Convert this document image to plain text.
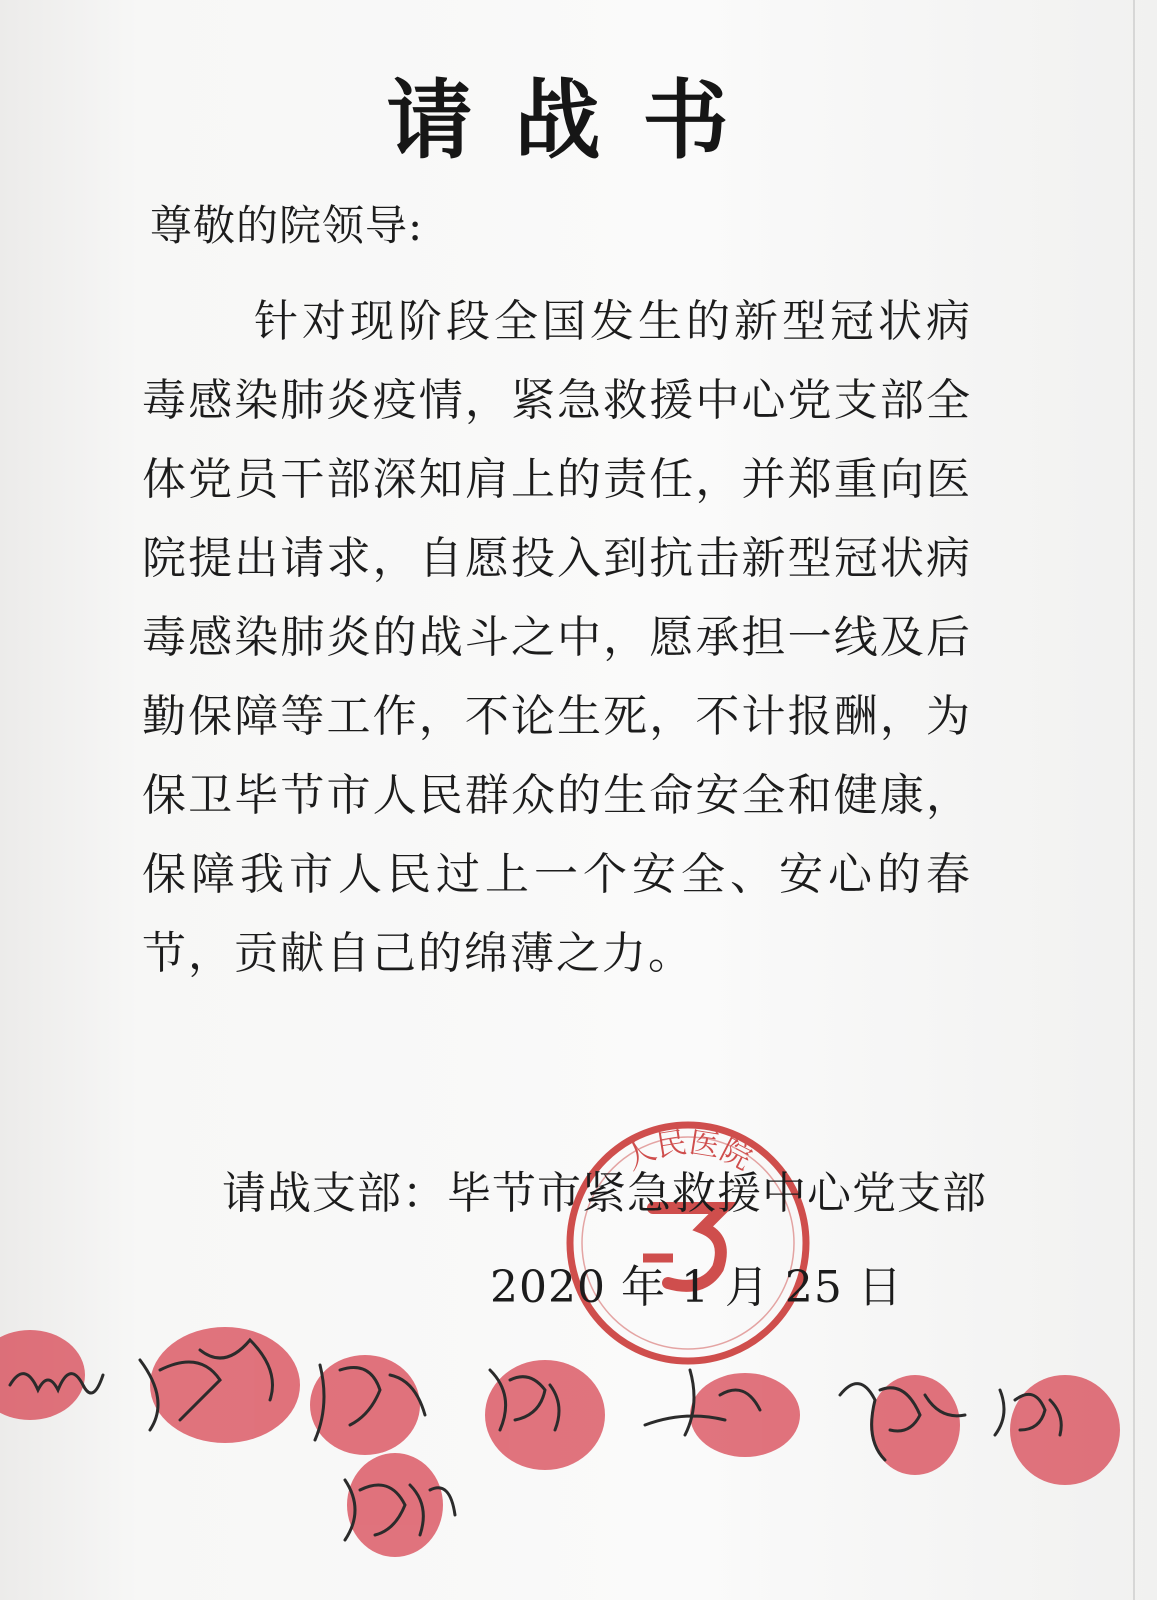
请战书
尊敬的院领导:

针对现阶段全国发生的新型冠状病毒感染肺炎疫情，紧急救援中心党支部全体党员干部深知肩上的责任，并郑重向医院提出请求，自愿投入到抗击新型冠状病毒感染肺炎的战斗之中，愿承担一线及后勤保障等工作，不论生死，不计报酬，为保卫毕节市人民群众的生命安全和健康，保障我市人民过上一个安全、安心的春节，贡献自己的绵薄之力。

人民医院
请战支部：毕节市紧急救援中心党支部
2020 年 1 月 25 日
